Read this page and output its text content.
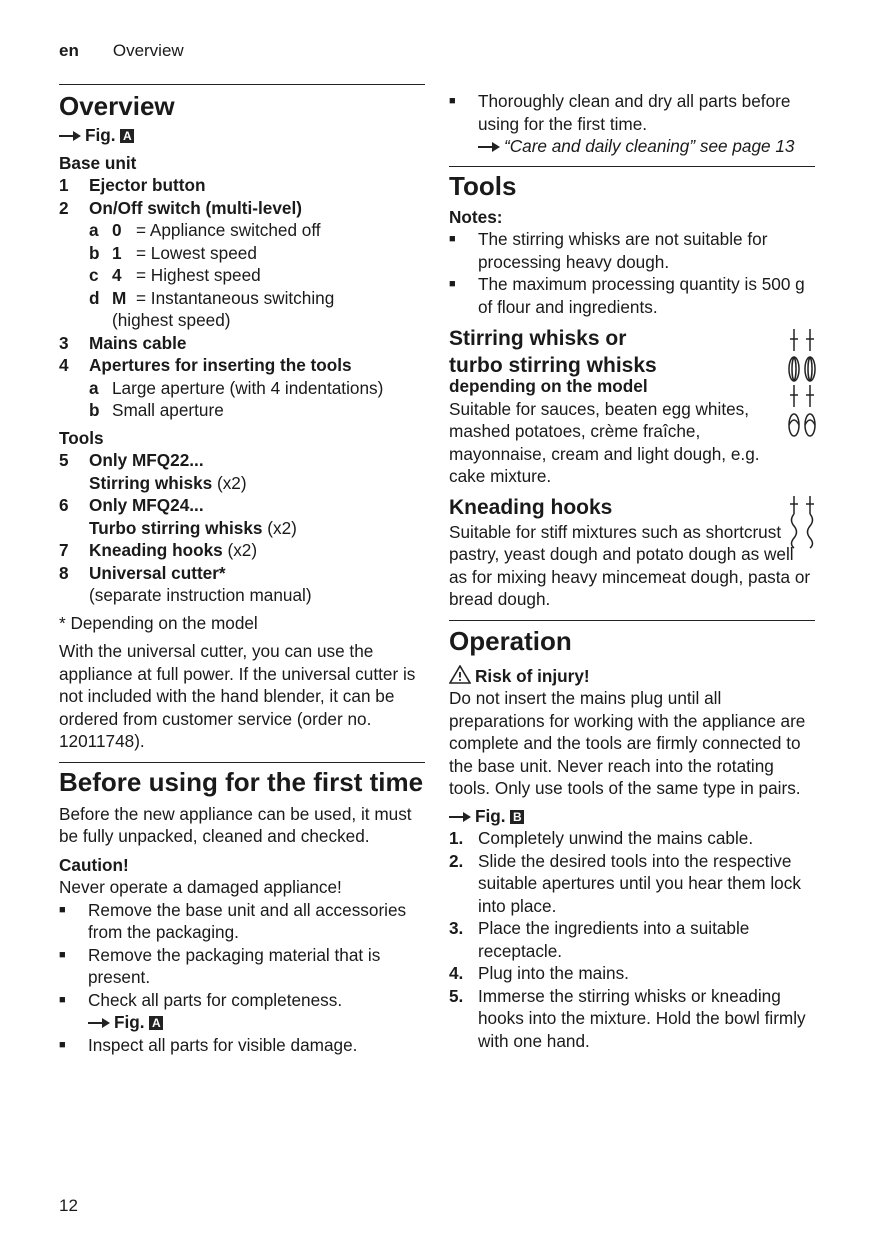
en Overview
Overview
Fig. A
Base unit
1	Ejector button
2	On/Off switch (multi-level)
a 0 = Appliance switched off
b 1 = Lowest speed
c 4 = Highest speed
d M = Instantaneous switching
(highest speed)
3	Mains cable
4	Apertures for inserting the tools
a Large aperture (with 4 indentations)
b Small aperture
Tools
5	Only MFQ22...
Stirring whisks (x2)
6	Only MFQ24...
Turbo stirring whisks (x2)
7	Kneading hooks (x2)
8	Universal cutter*
(separate instruction manual)
* Depending on the model
With the universal cutter, you can use the appliance at full power. If the universal cutter is not included with the hand blender, it can be ordered from customer service (order no. 12011748).
Before using for the first time
Before the new appliance can be used, it must be fully unpacked, cleaned and checked.
Caution!
Never operate a damaged appliance!
■	Remove the base unit and all accessories from the packaging.
■	Remove the packaging material that is present.
■	Check all parts for completeness.
Fig. A
■	Inspect all parts for visible damage.
■	Thoroughly clean and dry all parts before using for the first time.
“Care and daily cleaning” see page 13
Tools
Notes:
■	The stirring whisks are not suitable for processing heavy dough.
■	The maximum processing quantity is 500 g of flour and ingredients.
Stirring whisks or
turbo stirring whisks
depending on the model
Suitable for sauces, beaten egg whites, mashed potatoes, crème fraîche, mayonnaise, cream and light dough, e.g. cake mixture.
Kneading hooks
Suitable for stiff mixtures such as shortcrust pastry, yeast dough and potato dough as well as for mixing heavy mincemeat dough, pasta or bread dough.
Operation
Risk of injury!
Do not insert the mains plug until all preparations for working with the appliance are complete and the tools are firmly connected to the base unit. Never reach into the rotating tools. Only use tools of the same type in pairs.
Fig. B
1. Completely unwind the mains cable.
2. Slide the desired tools into the respective suitable apertures until you hear them lock into place.
3. Place the ingredients into a suitable receptacle.
4. Plug into the mains.
5. Immerse the stirring whisks or kneading hooks into the mixture. Hold the bowl firmly with one hand.
12
